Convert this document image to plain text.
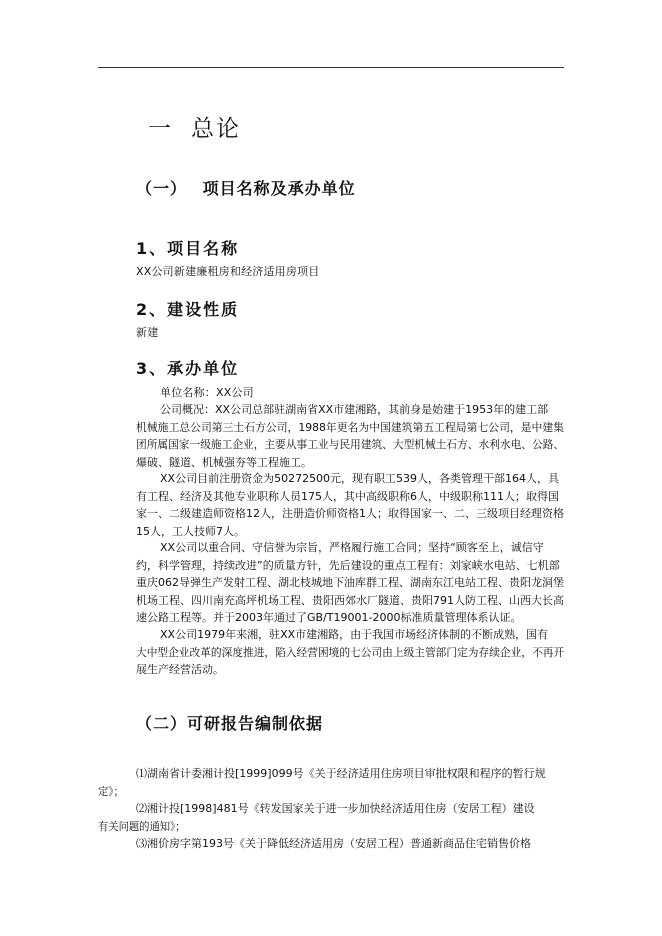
一 总论
（一）　 项目名称及承办单位
1、项目名称
XX公司新建廉租房和经济适用房项目
2、建设性质
新建
3、承办单位
单位名称：XX公司
公司概况：XX公司总部驻湖南省XX市建湘路，其前身是始建于1953年的建工部
机械施工总公司第三土石方公司，1988年更名为中国建筑第五工程局第七公司，是中建集
团所属国家一级施工企业，主要从事工业与民用建筑、大型机械土石方、水利水电、公路、
爆破、隧道、机械强夯等工程施工。
XX公司目前注册资金为50272500元，现有职工539人，各类管理干部164人，具
有工程、经济及其他专业职称人员175人，其中高级职称6人，中级职称111人；取得国
家一、二级建造师资格12人，注册造价师资格1人；取得国家一、二、三级项目经理资格
15人，工人技师7人。
XX公司以重合同、守信誉为宗旨，严格履行施工合同；坚持“顾客至上，诚信守
约，科学管理，持续改进”的质量方针，先后建设的重点工程有：刘家峡水电站、七机部
重庆062导弹生产发射工程、湖北枝城地下油库群工程、湖南东江电站工程、贵阳龙洞堡
机场工程、四川南充高坪机场工程、贵阳西郊水厂隧道、贵阳791人防工程、山西大长高
速公路工程等。并于2003年通过了GB/T19001-2000标准质量管理体系认证。
XX公司1979年来湘，驻XX市建湘路，由于我国市场经济体制的不断成熟，国有
大中型企业改革的深度推进，陷入经营困境的七公司由上级主管部门定为存续企业，不再开
展生产经营活动。
（二）可研报告编制依据
⑴湖南省计委湘计投[1999]099号《关于经济适用住房项目审批权限和程序的暂行规
定》；
⑵湘计投[1998]481号《转发国家关于进一步加快经济适用住房（安居工程）建设
有关问题的通知》；
⑶湘价房字第193号《关于降低经济适用房（安居工程）普通新商品住宅销售价格
